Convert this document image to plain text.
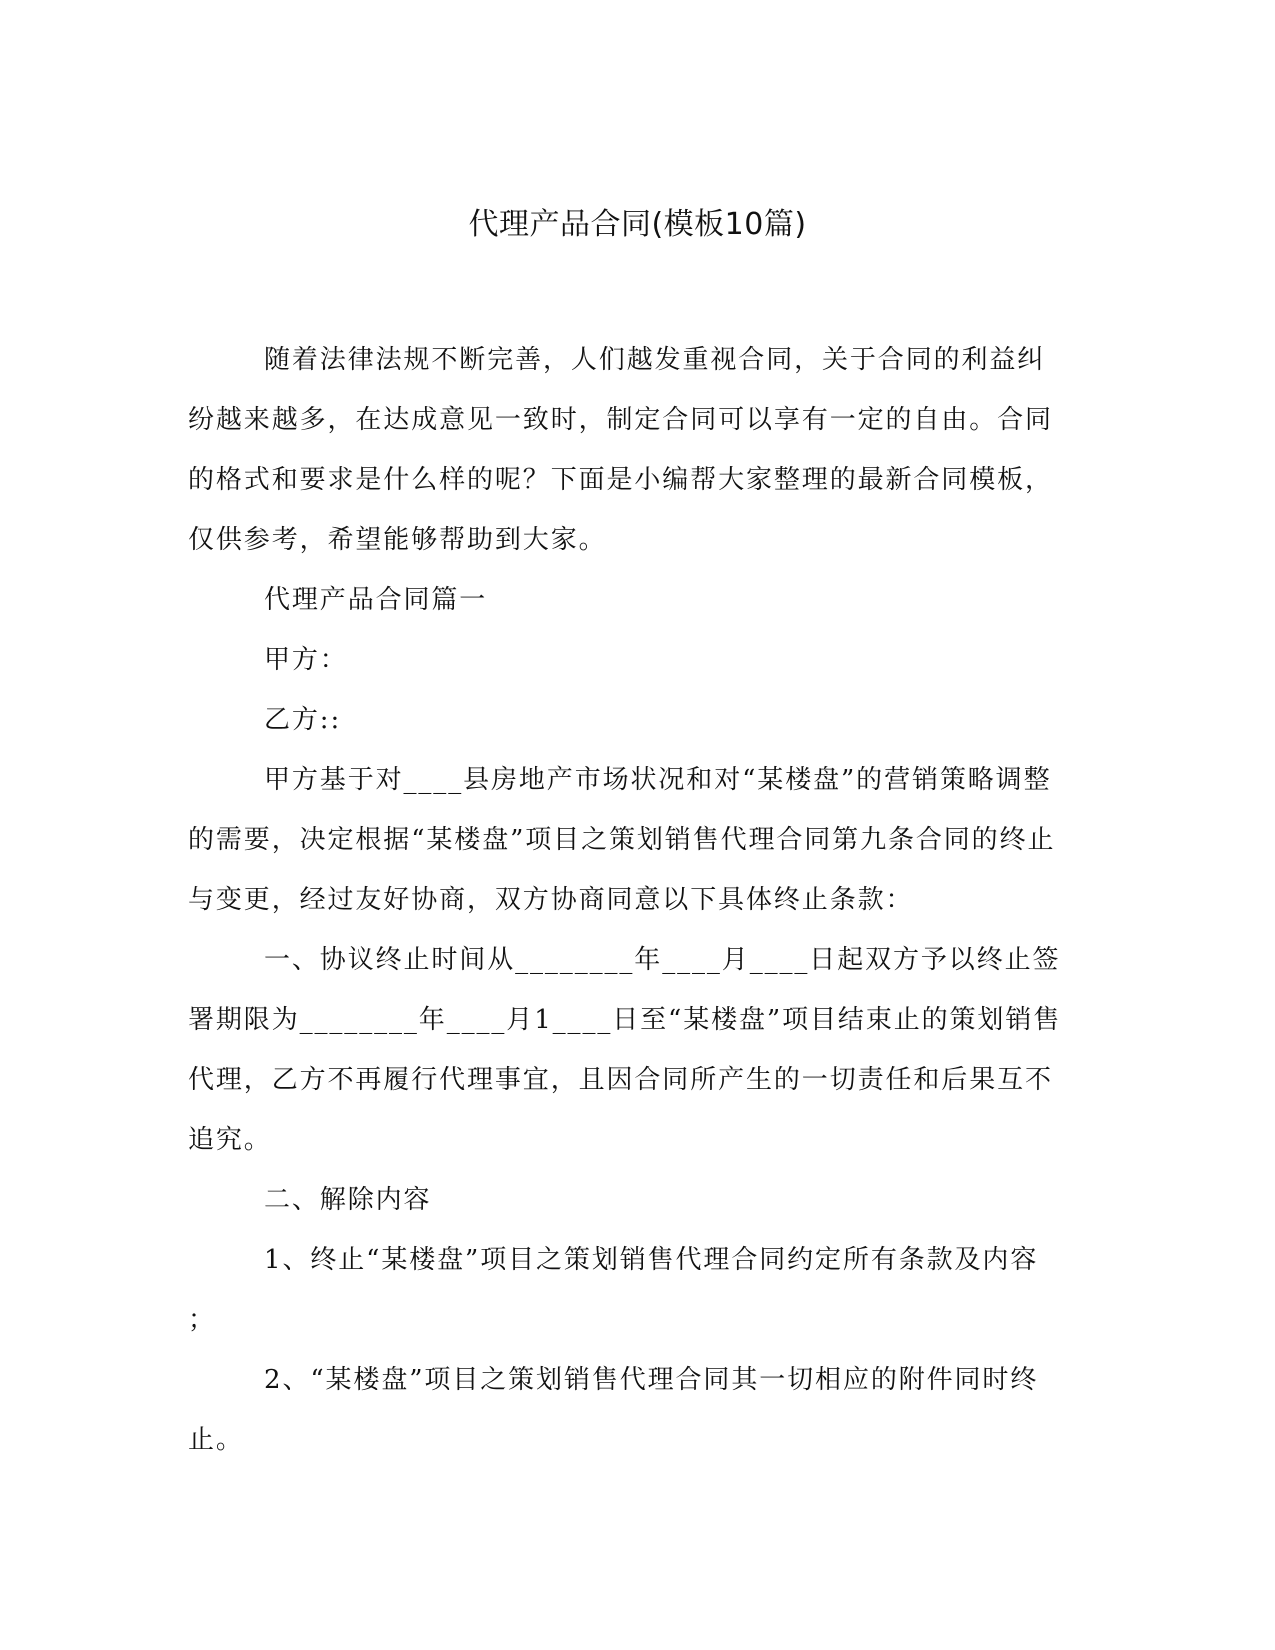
代理产品合同(模板10篇)

随着法律法规不断完善，人们越发重视合同，关于合同的利益纠纷越来越多，在达成意见一致时，制定合同可以享有一定的自由。合同的格式和要求是什么样的呢？下面是小编帮大家整理的最新合同模板，仅供参考，希望能够帮助到大家。

代理产品合同篇一

甲方：

乙方::

甲方基于对____县房地产市场状况和对“某楼盘”的营销策略调整的需要，决定根据“某楼盘”项目之策划销售代理合同第九条合同的终止与变更，经过友好协商，双方协商同意以下具体终止条款：

一、协议终止时间从________年____月____日起双方予以终止签署期限为________年____月1____日至“某楼盘”项目结束止的策划销售代理，乙方不再履行代理事宜，且因合同所产生的一切责任和后果互不追究。

二、解除内容

1、终止“某楼盘”项目之策划销售代理合同约定所有条款及内容

；

2、“某楼盘”项目之策划销售代理合同其一切相应的附件同时终止。
